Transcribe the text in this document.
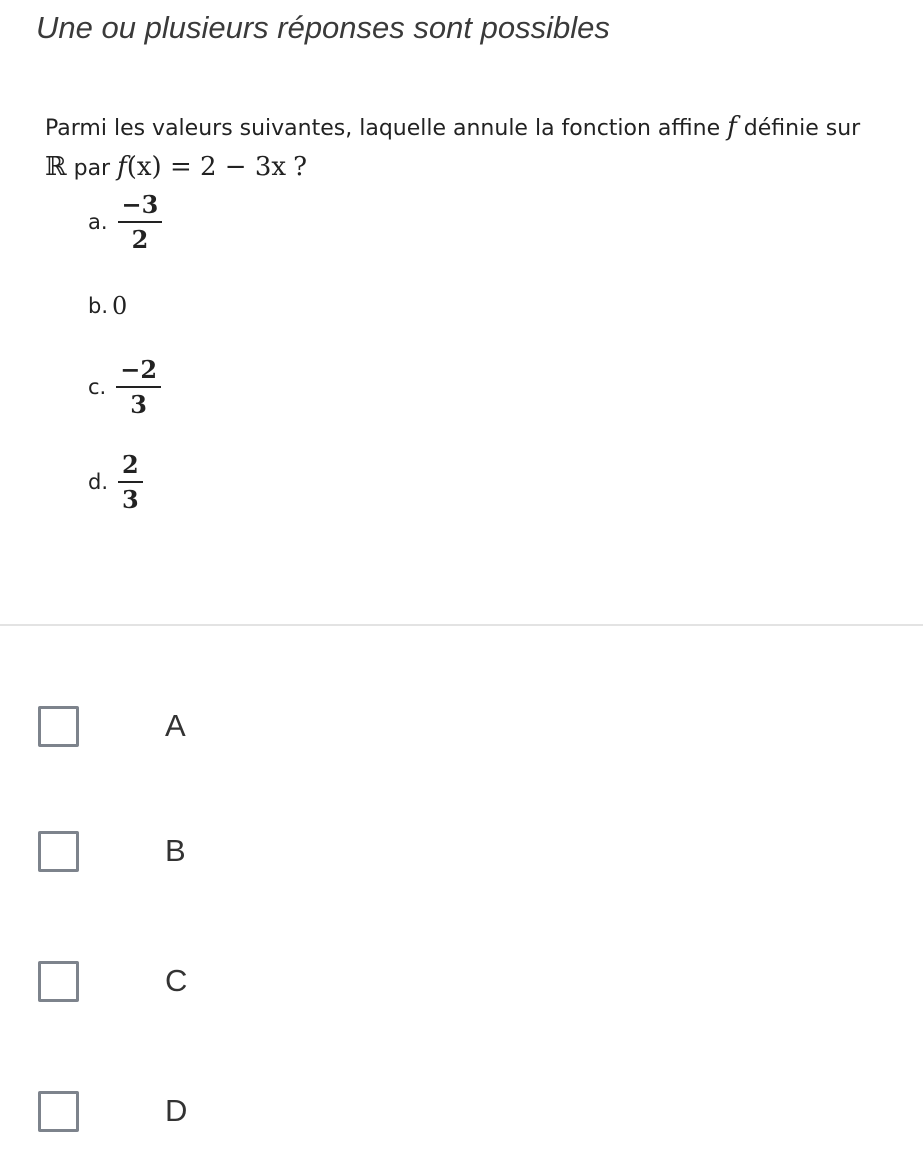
Une ou plusieurs réponses sont possibles
Parmi les valeurs suivantes, laquelle annule la fonction affine f définie sur
ℝ par f(x) = 2 − 3x ?
a. $\frac{-3}{2}$
b. 0
c. $\frac{-2}{3}$
d. $\frac{2}{3}$
A
B
C
D
